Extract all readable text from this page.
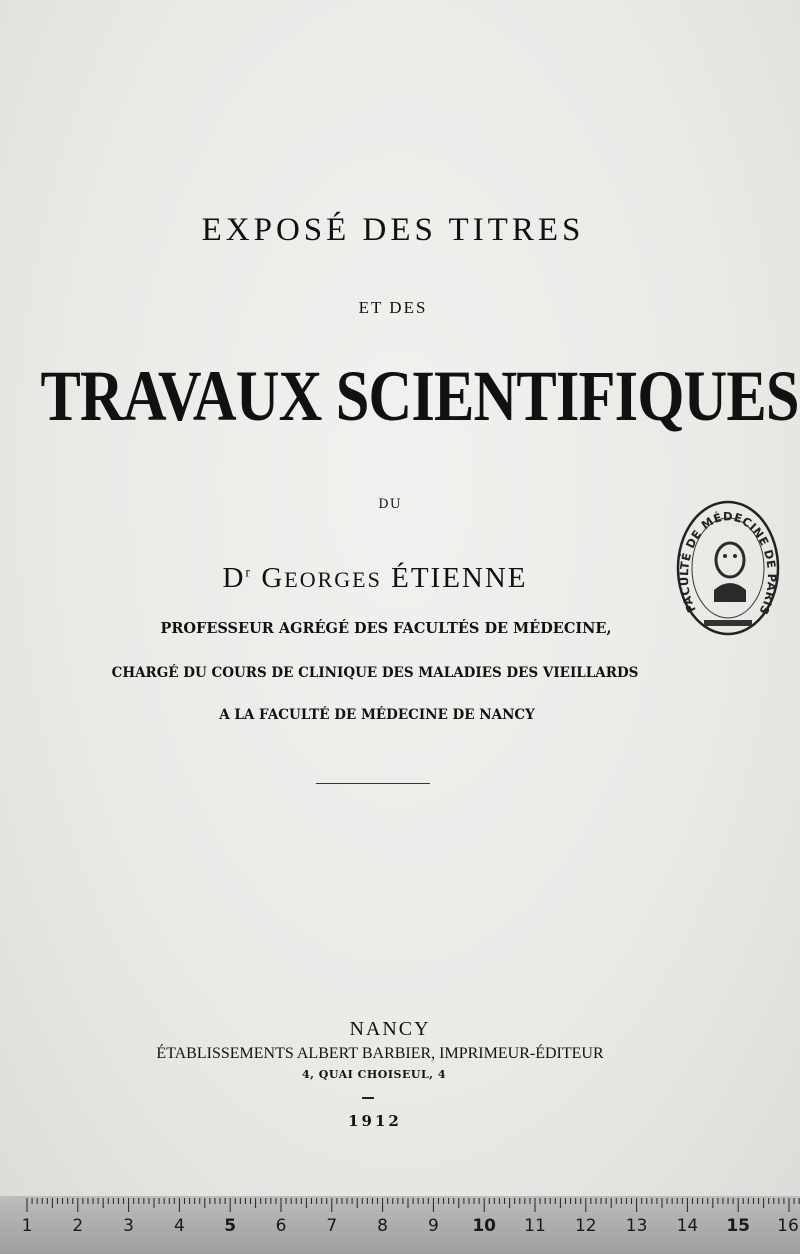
EXPOSÉ DES TITRES
ET DES
TRAVAUX SCIENTIFIQUES
DU
$D^r$ GEORGES ÉTIENNE
PROFESSEUR AGRÉGÉ DES FACULTÉS DE MÉDECINE,
CHARGÉ DU COURS DE CLINIQUE DES MALADIES DES VIEILLARDS
A LA FACULTÉ DE MÉDECINE DE NANCY
NANCY
ÉTABLISSEMENTS ALBERT BARBIER, IMPRIMEUR-ÉDITEUR
4, QUAI CHOISEUL, 4
1912
FACULTÉ DE MÉDECINE DE PARIS
1 2 3 4 5 6 7 8 9 10 11 12 13 14 15 16
